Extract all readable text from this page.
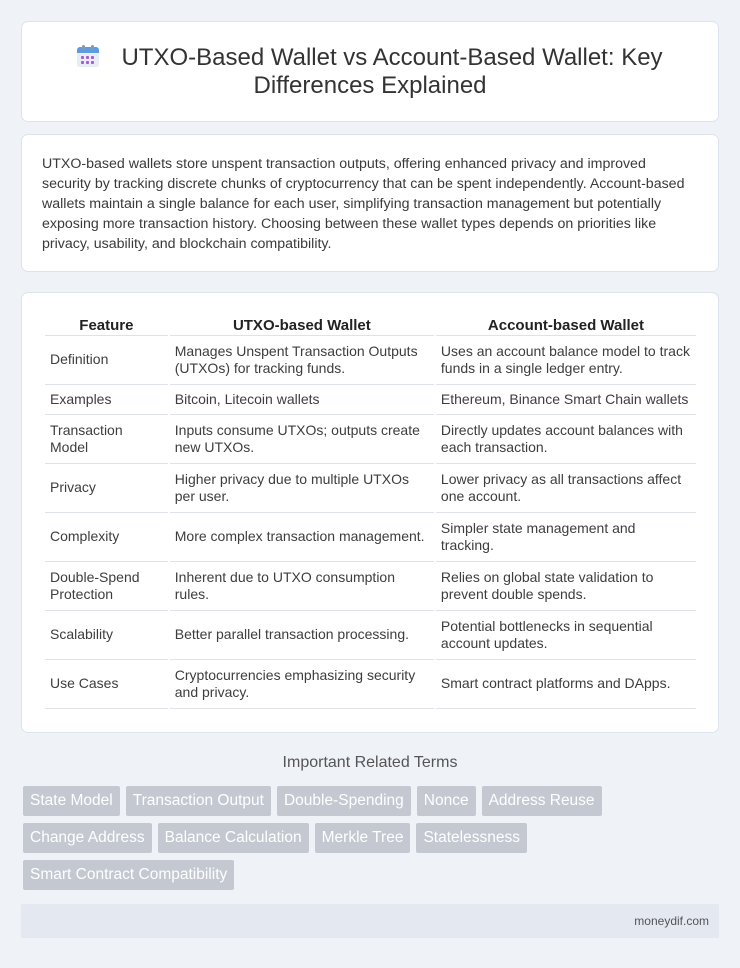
UTXO-Based Wallet vs Account-Based Wallet: Key Differences Explained

UTXO-based wallets store unspent transaction outputs, offering enhanced privacy and improved security by tracking discrete chunks of cryptocurrency that can be spent independently. Account-based wallets maintain a single balance for each user, simplifying transaction management but potentially exposing more transaction history. Choosing between these wallet types depends on priorities like privacy, usability, and blockchain compatibility.

Feature	UTXO-based Wallet	Account-based Wallet
Definition	Manages Unspent Transaction Outputs (UTXOs) for tracking funds.	Uses an account balance model to track funds in a single ledger entry.
Examples	Bitcoin, Litecoin wallets	Ethereum, Binance Smart Chain wallets
Transaction Model	Inputs consume UTXOs; outputs create new UTXOs.	Directly updates account balances with each transaction.
Privacy	Higher privacy due to multiple UTXOs per user.	Lower privacy as all transactions affect one account.
Complexity	More complex transaction management.	Simpler state management and tracking.
Double-Spend Protection	Inherent due to UTXO consumption rules.	Relies on global state validation to prevent double spends.
Scalability	Better parallel transaction processing.	Potential bottlenecks in sequential account updates.
Use Cases	Cryptocurrencies emphasizing security and privacy.	Smart contract platforms and DApps.
Important Related Terms
State Model	Transaction Output	Double-Spending	Nonce	Address Reuse
Change Address	Balance Calculation	Merkle Tree	Statelessness
Smart Contract Compatibility
moneydif.com
